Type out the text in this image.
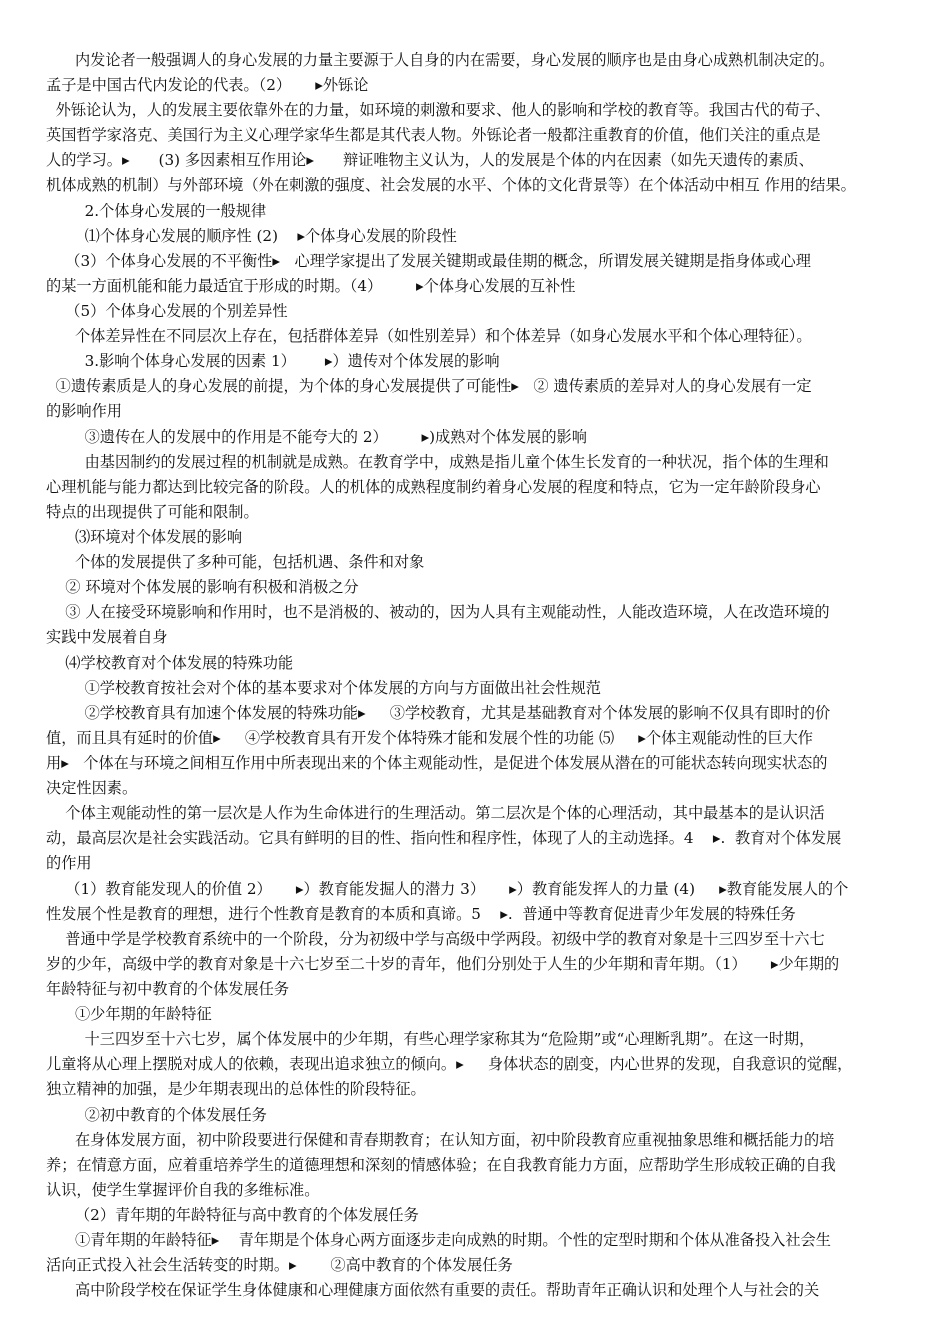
内发论者一般强调人的身心发展的力量主要源于人自身的内在需要，身心发展的顺序也是由身心成熟机制决定的。
孟子是中国古代内发论的代表。（2）     ▸外铄论
外铄论认为，人的发展主要依靠外在的力量，如环境的刺激和要求、他人的影响和学校的教育等。我国古代的荀子、
英国哲学家洛克、美国行为主义心理学家华生都是其代表人物。外铄论者一般都注重教育的价值，他们关注的重点是
人的学习。▸      (3) 多因素相互作用论▸      辩证唯物主义认为，人的发展是个体的内在因素（如先天遗传的素质、
机体成熟的机制）与外部环境（外在刺激的强度、社会发展的水平、个体的文化背景等）在个体活动中相互 作用的结果。
2.个体身心发展的一般规律
⑴个体身心发展的顺序性 (2)    ▸个体身心发展的阶段性
（3）个体身心发展的不平衡性▸   心理学家提出了发展关键期或最佳期的概念，所谓发展关键期是指身体或心理
的某一方面机能和能力最适宜于形成的时期。（4）       ▸个体身心发展的互补性
（5）个体身心发展的个别差异性
个体差异性在不同层次上存在，包括群体差异（如性别差异）和个体差异（如身心发展水平和个体心理特征）。
3.影响个体身心发展的因素 1）      ▸）遗传对个体发展的影响
①遗传素质是人的身心发展的前提，为个体的身心发展提供了可能性▸   ② 遗传素质的差异对人的身心发展有一定
的影响作用
③遗传在人的发展中的作用是不能夸大的 2）       ▸)成熟对个体发展的影响
由基因制约的发展过程的机制就是成熟。在教育学中，成熟是指儿童个体生长发育的一种状况，指个体的生理和
心理机能与能力都达到比较完备的阶段。人的机体的成熟程度制约着身心发展的程度和特点，它为一定年龄阶段身心
特点的出现提供了可能和限制。
⑶环境对个体发展的影响
个体的发展提供了多种可能，包括机遇、条件和对象
② 环境对个体发展的影响有积极和消极之分
③ 人在接受环境影响和作用时，也不是消极的、被动的，因为人具有主观能动性，人能改造环境，人在改造环境的
实践中发展着自身
⑷学校教育对个体发展的特殊功能
①学校教育按社会对个体的基本要求对个体发展的方向与方面做出社会性规范
②学校教育具有加速个体发展的特殊功能▸     ③学校教育，尤其是基础教育对个体发展的影响不仅具有即时的价
值，而且具有延时的价值▸     ④学校教育具有开发个体特殊才能和发展个性的功能 ⑸     ▸个体主观能动性的巨大作
用▸   个体在与环境之间相互作用中所表现出来的个体主观能动性，是促进个体发展从潜在的可能状态转向现实状态的
决定性因素。
个体主观能动性的第一层次是人作为生命体进行的生理活动。第二层次是个体的心理活动，其中最基本的是认识活
动，最高层次是社会实践活动。它具有鲜明的目的性、指向性和程序性，体现了人的主动选择。4    ▸.  教育对个体发展
的作用
（1）教育能发现人的价值 2）     ▸）教育能发掘人的潜力 3）     ▸）教育能发挥人的力量 (4)     ▸教育能发展人的个
性发展个性是教育的理想，进行个性教育是教育的本质和真谛。5    ▸.  普通中等教育促进青少年发展的特殊任务
普通中学是学校教育系统中的一个阶段，分为初级中学与高级中学两段。初级中学的教育对象是十三四岁至十六七
岁的少年，高级中学的教育对象是十六七岁至二十岁的青年，他们分别处于人生的少年期和青年期。（1）     ▸少年期的
年龄特征与初中教育的个体发展任务
①少年期的年龄特征
十三四岁至十六七岁，属个体发展中的少年期，有些心理学家称其为“危险期”或“心理断乳期”。在这一时期，
儿童将从心理上摆脱对成人的依赖，表现出追求独立的倾向。▸     身体状态的剧变，内心世界的发现，自我意识的觉醒，
独立精神的加强，是少年期表现出的总体性的阶段特征。
②初中教育的个体发展任务
在身体发展方面，初中阶段要进行保健和青春期教育；在认知方面，初中阶段教育应重视抽象思维和概括能力的培
养；在情意方面，应着重培养学生的道德理想和深刻的情感体验；在自我教育能力方面，应帮助学生形成较正确的自我
认识，使学生掌握评价自我的多维标准。
（2）青年期的年龄特征与高中教育的个体发展任务
①青年期的年龄特征▸    青年期是个体身心两方面逐步走向成熟的时期。个性的定型时期和个体从准备投入社会生
活向正式投入社会生活转变的时期。▸       ②高中教育的个体发展任务
高中阶段学校在保证学生身体健康和心理健康方面依然有重要的责任。帮助青年正确认识和处理个人与社会的关
